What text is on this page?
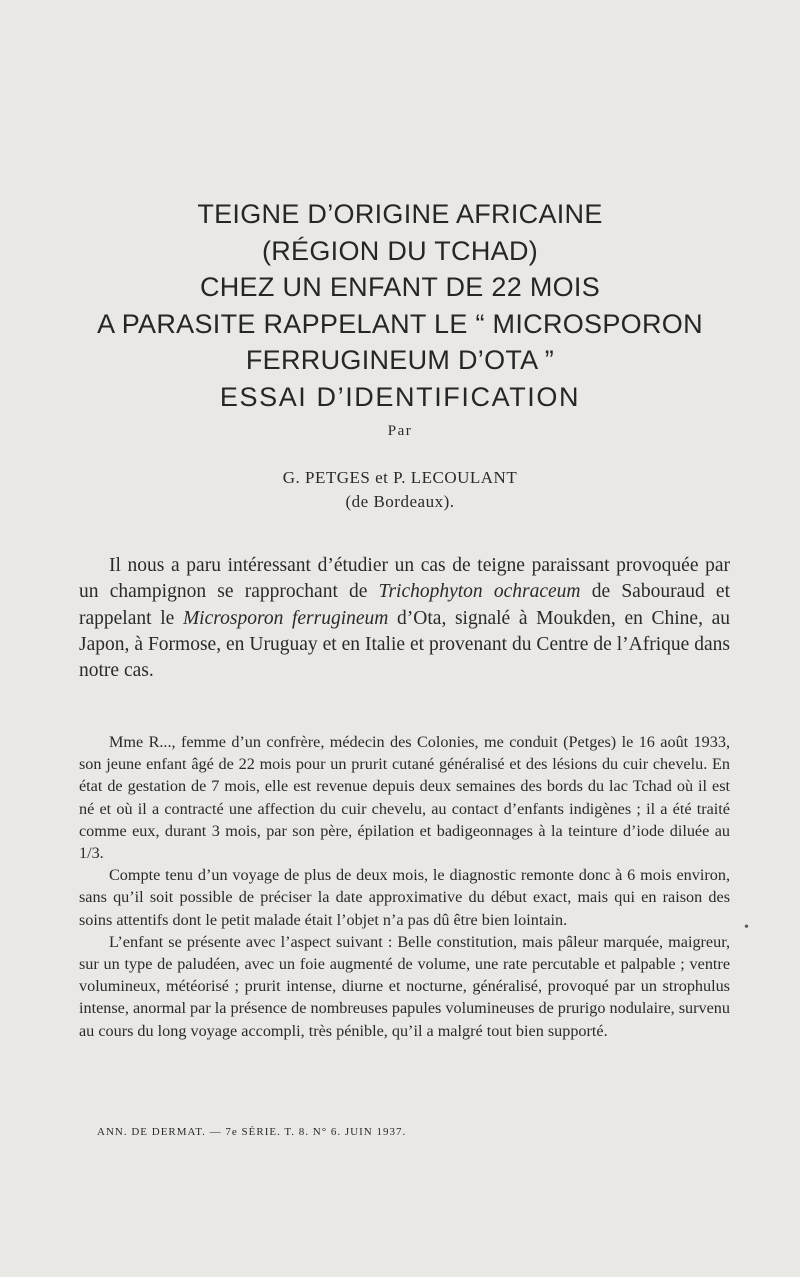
TEIGNE D’ORIGINE AFRICAINE
(RÉGION DU TCHAD)
CHEZ UN ENFANT DE 22 MOIS
A PARASITE RAPPELANT LE “ MICROSPORON
FERRUGINEUM D’OTA ”
ESSAI D’IDENTIFICATION
Par
G. PETGES et P. LECOULANT
(de Bordeaux).

Il nous a paru intéressant d’étudier un cas de teigne paraissant provoquée par un champignon se rapprochant de Trichophyton ochraceum de Sabouraud et rappelant le Microsporon ferrugineum d’Ota, signalé à Moukden, en Chine, au Japon, à Formose, en Uruguay et en Italie et provenant du Centre de l’Afrique dans notre cas.

Mme R..., femme d’un confrère, médecin des Colonies, me conduit (Petges) le 16 août 1933, son jeune enfant âgé de 22 mois pour un prurit cutané généralisé et des lésions du cuir chevelu. En état de gestation de 7 mois, elle est revenue depuis deux semaines des bords du lac Tchad où il est né et où il a contracté une affection du cuir chevelu, au contact d’enfants indigènes ; il a été traité comme eux, durant 3 mois, par son père, épilation et badigeonnages à la teinture d’iode diluée au 1/3.

Compte tenu d’un voyage de plus de deux mois, le diagnostic remonte donc à 6 mois environ, sans qu’il soit possible de préciser la date approximative du début exact, mais qui en raison des soins attentifs dont le petit malade était l’objet n’a pas dû être bien lointain.

L’enfant se présente avec l’aspect suivant : Belle constitution, mais pâleur marquée, maigreur, sur un type de paludéen, avec un foie augmenté de volume, une rate percutable et palpable ; ventre volumineux, météorisé ; prurit intense, diurne et nocturne, généralisé, provoqué par un strophulus intense, anormal par la présence de nombreuses papules volumineuses de prurigo nodulaire, survenu au cours du long voyage accompli, très pénible, qu’il a malgré tout bien supporté.

ANN. DE DERMAT. — 7e SÉRIE. T. 8. N° 6. JUIN 1937.
•
